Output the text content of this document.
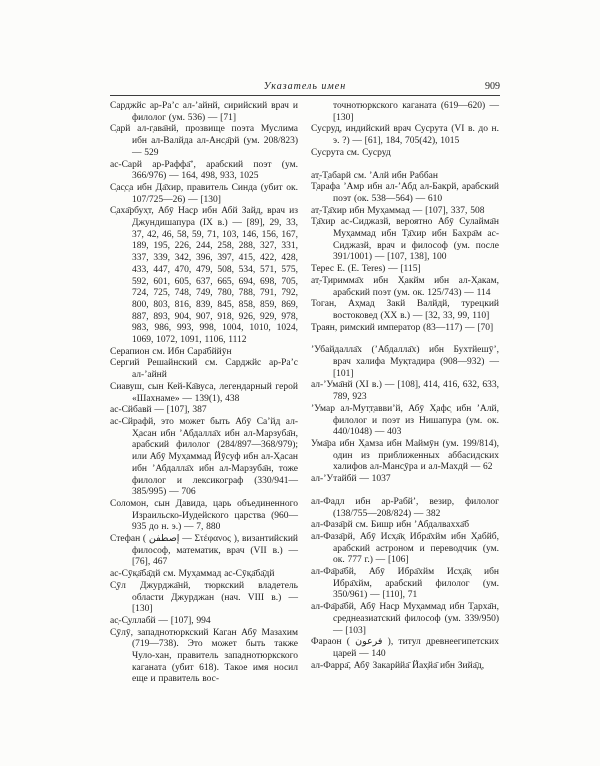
Указатель имен	909
Сарджйс ар-Ра’с ал-’айнй, сирийский врач и филолог (ум. 536) — [71]
С̣арй ал-г̣ава̄нй, прозвище поэта Муслима ибн ал-Валйда ал-Анс̣а̄рй (ум. 208/823) — 529
ас-Сарй ар-Раффа̄’, арабский поэт (ум. 366/976) — 164, 498, 933, 1025
С̣ас̣с̣а ибн Да̄хир, правитель Синда (убит ок. 107/725—26) — [130]
С̣аха̄рбух̣т, Абӯ Нас̣р ибн Абй Зайд, врач из Джундишапура (IX в.) — [89], 29, 33, 37, 42, 46, 58, 59, 71, 103, 146, 156, 167, 189, 195, 226, 244, 258, 288, 327, 331, 337, 339, 342, 396, 397, 415, 422, 428, 433, 447, 470, 479, 508, 534, 571, 575, 592, 601, 605, 637, 665, 694, 698, 705, 724, 725, 748, 749, 780, 788, 791, 792, 800, 803, 816, 839, 845, 858, 859, 869, 887, 893, 904, 907, 918, 926, 929, 978, 983, 986, 993, 998, 1004, 1010, 1024, 1069, 1072, 1091, 1106, 1112
Серапион см. Ибн Сара̄бййӯн
Сергий Решайнский см. Сарджйс ар-Ра’с ал-’айнй
Сиавуш, сын Кей-Ка̄вуса, легендарный герой «Шахнаме» — 139(1), 438
ас-Сйбавй — [107], 387
ас-Сйрафй, это может быть Абӯ Са’йд ал-Х̣асан ибн ’Абдалла̄х ибн ал-Марзуба̄н, арабский филолог (284/897—368/979); или Абӯ Мух̣аммад Йӯсуф ибн ал-Х̣асан ибн ’Абдалла̄х ибн ал-Марзуба̄н, тоже филолог и лексикограф (330/941—385/995) — 706
Соломон, сын Давида, царь объединенного Израильско-Иудейского царства (960—935 до н. э.) — 7, 880
Стефан ( إصطفن — Στέφανος ), византийский философ, математик, врач (VII в.) — [76], 467
ас-Сӯк̣а̄ба̄дй см. Мух̣аммад ас-Сӯк̣а̄ба̄дй
С̣ӯл Джурджа̄нй, тюркский владетель области Джурджан (нач. VIII в.) — [130]
ас̣-С̣уллабй — [107], 994
С̣ӯлӯ, западнотюркский Каган Абӯ Мазахим (719—738). Это может быть также Чуло-хан, правитель западнотюркского каганата (убит 618). Такое имя носил еще и правитель вос-
точнотюркского каганата (619—620) — [130]
Сусруд, индийский врач Сусрута (VI в. до н. э. ?) — [61], 184, 705(42), 1015
Сусрута см. Сусруд
ат̣-Т̣абарй см. ’Алй ибн Раббан
Т̣арафа ’Амр ибн ал-’Абд ал-Бакрй, арабский поэт (ок. 538—564) — 610
ат̣-Т̣а̄хир ибн Мух̣аммад — [107], 337, 508
Т̣а̄хир ас-Сиджазй, вероятно Абӯ Сулайма̄н Мух̣аммад ибн Т̣а̄хир ибн Бахра̄м ас-Сиджазй, врач и философ (ум. после 391/1001) — [107, 138], 100
Терес Е. (E. Teres) — [115]
ат̣-Т̣иримма̄х ибн Х̣акйм ибн ал-Х̣акам, арабский поэт (ум. ок. 125/743) — 114
Тоган, Ах̣мад Закй Валйдй, турецкий востоковед (XX в.) — [32, 33, 99, 110]
Траян, римский император (83—117) — [70]
’Убайдалла̄х (’Абдалла̄х) ибн Бухтйешӯ’, врач халифа Мук̣тадира (908—932) — [101]
ал-’Ума̄нй (XI в.) — [108], 414, 416, 632, 633, 789, 923
’Умар ал-Мут̣т̣авви’й, Абӯ Х̣афс̣ ибн ’Алй, филолог и поэт из Нишапура (ум. ок. 440/1048) — 403
Ума̄ра ибн Х̣амза ибн Маймӯн (ум. 199/814), один из приближенных аббасидских халифов ал-Манс̣ӯра и ал-Махдй — 62
ал-’Утайбй — 1037
ал-Фадл ибн ар-Рабй’, везир, филолог (138/755—208/824) — 382
ал-Фаза̄рй см. Бишр ибн ’Абдалвахха̄б
ал-Фаза̄рй, Абӯ Исх̣а̄к̣ Ибра̄хйм ибн Х̣абйб, арабский астроном и переводчик (ум. ок. 777 г.) — [106]
ал-Фа̄ра̄бй, Абӯ Ибра̄хйм Исх̣а̄к̣ ибн Ибра̄хйм, арабский филолог (ум. 350/961) — [110], 71
ал-Фа̄ра̄бй, Абӯ Нас̣р Мух̣аммад ибн Т̣арха̄н, среднеазиатский философ (ум. 339/950) — [103]
Фараон ( فرعون ), титул древнеегипетских царей — 140
ал-Фарра̄, Абӯ Закарййа̄ Йах̣йа̄ ибн Зийа̄д,
